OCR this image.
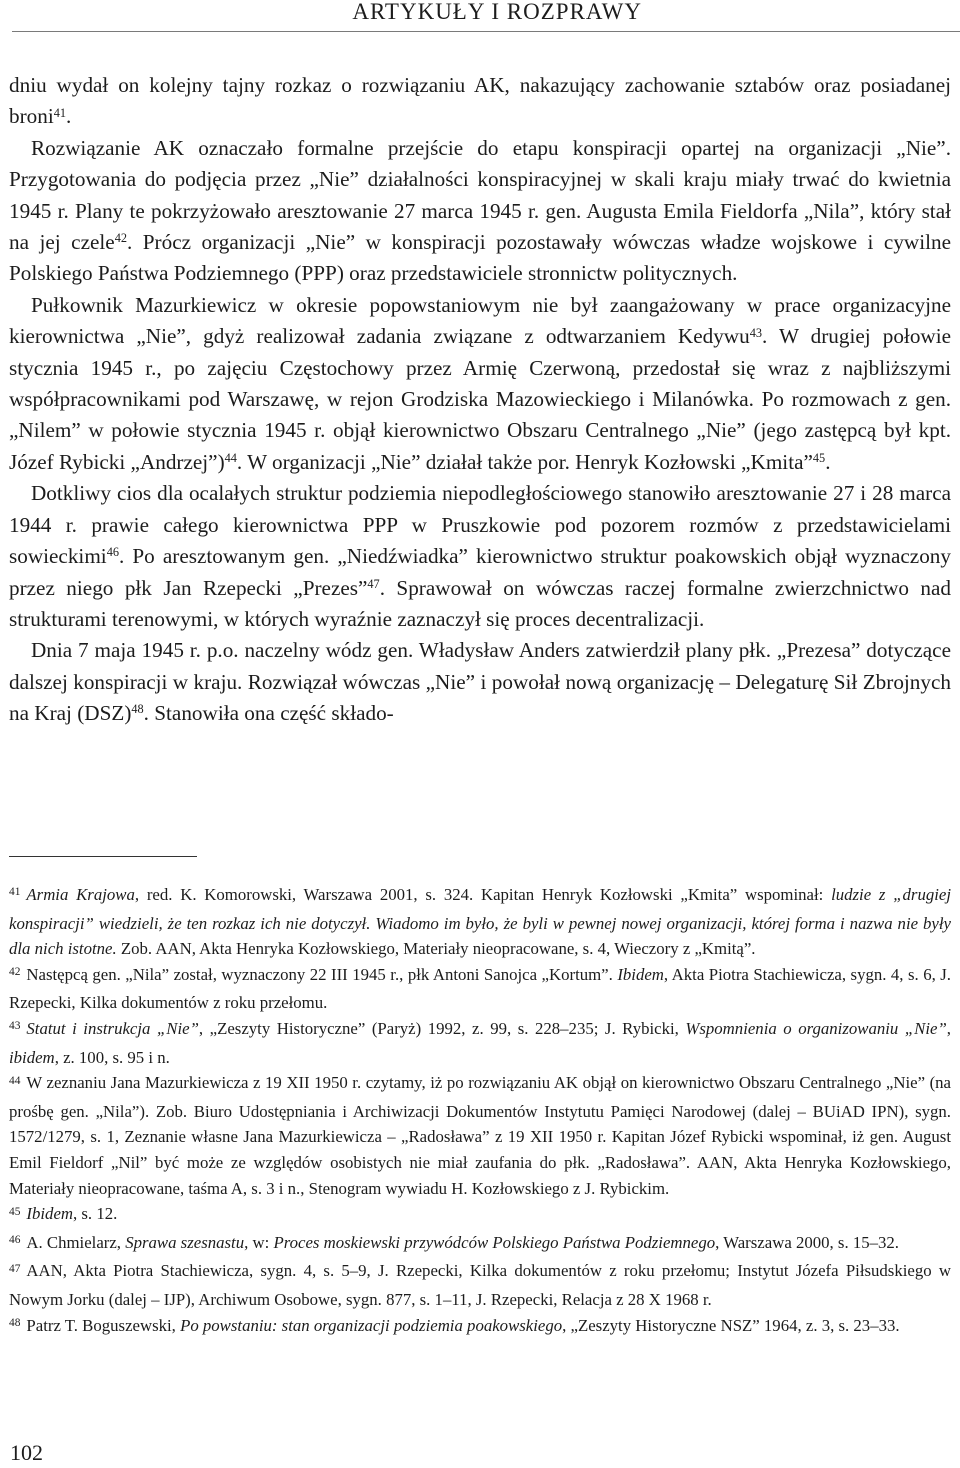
ARTYKUŁY I ROZPRAWY

dniu wydał on kolejny tajny rozkaz o rozwiązaniu AK, nakazujący zachowanie sztabów oraz posiadanej broni$^{41}$.

Rozwiązanie AK oznaczało formalne przejście do etapu konspiracji opartej na organizacji „Nie”. Przygotowania do podjęcia przez „Nie” działalności konspiracyjnej w skali kraju miały trwać do kwietnia 1945 r. Plany te pokrzyżowało aresztowanie 27 marca 1945 r. gen. Augusta Emila Fieldorfa „Nila”, który stał na jej czele$^{42}$. Prócz organizacji „Nie” w konspiracji pozostawały wówczas władze wojskowe i cywilne Polskiego Państwa Podziemnego (PPP) oraz przedstawiciele stronnictw politycznych.

Pułkownik Mazurkiewicz w okresie popowstaniowym nie był zaangażowany w prace organizacyjne kierownictwa „Nie”, gdyż realizował zadania związane z odtwarzaniem Kedywu$^{43}$. W drugiej połowie stycznia 1945 r., po zajęciu Częstochowy przez Armię Czerwoną, przedostał się wraz z najbliższymi współpracownikami pod Warszawę, w rejon Grodziska Mazowieckiego i Milanówka. Po rozmowach z gen. „Nilem” w połowie stycznia 1945 r. objął kierownictwo Obszaru Centralnego „Nie” (jego zastępcą był kpt. Józef Rybicki „Andrzej”)$^{44}$. W organizacji „Nie” działał także por. Henryk Kozłowski „Kmita”$^{45}$.

Dotkliwy cios dla ocalałych struktur podziemia niepodległościowego stanowiło aresztowanie 27 i 28 marca 1944 r. prawie całego kierownictwa PPP w Pruszkowie pod pozorem rozmów z przedstawicielami sowieckimi$^{46}$. Po aresztowanym gen. „Niedźwiadka” kierownictwo struktur poakowskich objął wyznaczony przez niego płk Jan Rzepecki „Prezes”$^{47}$. Sprawował on wówczas raczej formalne zwierzchnictwo nad strukturami terenowymi, w których wyraźnie zaznaczył się proces decentralizacji.

Dnia 7 maja 1945 r. p.o. naczelny wódz gen. Władysław Anders zatwierdził plany płk. „Prezesa” dotyczące dalszej konspiracji w kraju. Rozwiązał wówczas „Nie” i powołał nową organizację – Delegaturę Sił Zbrojnych na Kraj (DSZ)$^{48}$. Stanowiła ona część składo-

$^{41}$ Armia Krajowa, red. K. Komorowski, Warszawa 2001, s. 324. Kapitan Henryk Kozłowski „Kmita” wspominał: ludzie z „drugiej konspiracji” wiedzieli, że ten rozkaz ich nie dotyczył. Wiadomo im było, że byli w pewnej nowej organizacji, której forma i nazwa nie były dla nich istotne. Zob. AAN, Akta Henryka Kozłowskiego, Materiały nieopracowane, s. 4, Wieczory z „Kmitą”.

$^{42}$ Następcą gen. „Nila” został, wyznaczony 22 III 1945 r., płk Antoni Sanojca „Kortum”. Ibidem, Akta Piotra Stachiewicza, sygn. 4, s. 6, J. Rzepecki, Kilka dokumentów z roku przełomu.

$^{43}$ Statut i instrukcja „Nie”, „Zeszyty Historyczne” (Paryż) 1992, z. 99, s. 228–235; J. Rybicki, Wspomnienia o organizowaniu „Nie”, ibidem, z. 100, s. 95 i n.

$^{44}$ W zeznaniu Jana Mazurkiewicza z 19 XII 1950 r. czytamy, iż po rozwiązaniu AK objął on kierownictwo Obszaru Centralnego „Nie” (na prośbę gen. „Nila”). Zob. Biuro Udostępniania i Archiwizacji Dokumentów Instytutu Pamięci Narodowej (dalej – BUiAD IPN), sygn. 1572/1279, s. 1, Zeznanie własne Jana Mazurkiewicza – „Radosława” z 19 XII 1950 r. Kapitan Józef Rybicki wspominał, iż gen. August Emil Fieldorf „Nil” być może ze względów osobistych nie miał zaufania do płk. „Radosława”. AAN, Akta Henryka Kozłowskiego, Materiały nieopracowane, taśma A, s. 3 i n., Stenogram wywiadu H. Kozłowskiego z J. Rybickim.

$^{45}$ Ibidem, s. 12.

$^{46}$ A. Chmielarz, Sprawa szesnastu, w: Proces moskiewski przywódców Polskiego Państwa Podziemnego, Warszawa 2000, s. 15–32.

$^{47}$ AAN, Akta Piotra Stachiewicza, sygn. 4, s. 5–9, J. Rzepecki, Kilka dokumentów z roku przełomu; Instytut Józefa Piłsudskiego w Nowym Jorku (dalej – IJP), Archiwum Osobowe, sygn. 877, s. 1–11, J. Rzepecki, Relacja z 28 X 1968 r.

$^{48}$ Patrz T. Boguszewski, Po powstaniu: stan organizacji podziemia poakowskiego, „Zeszyty Historyczne NSZ” 1964, z. 3, s. 23–33.

102
